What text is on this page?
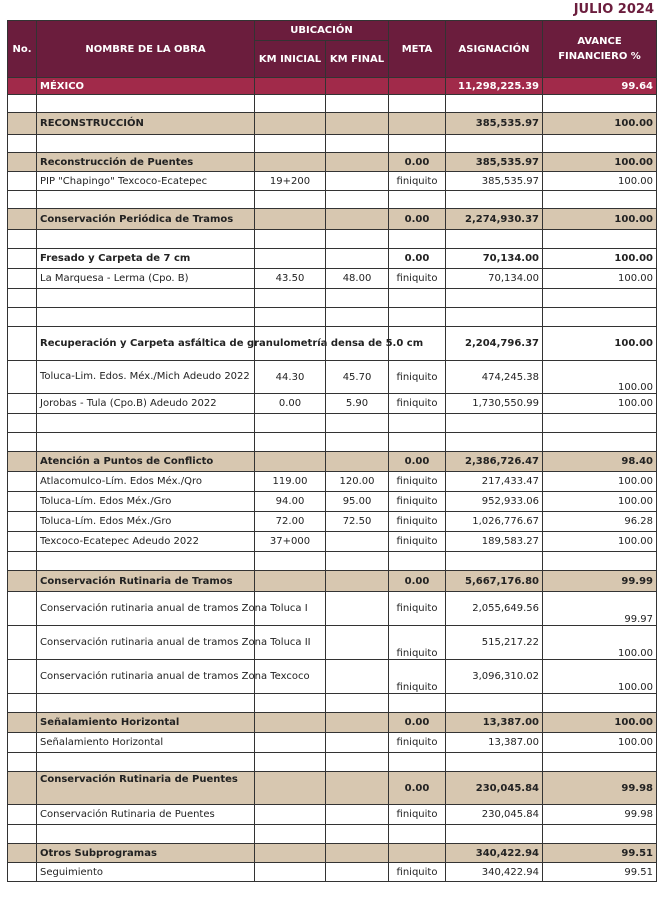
JULIO 2024
No.	NOMBRE DE LA OBRA	UBICACIÓN		META	ASIGNACIÓN	AVANCE FINANCIERO %
		KM INICIAL	KM FINAL			
	MÉXICO				11,298,225.39	99.64

	RECONSTRUCCIÓN				385,535.97	100.00

	Reconstrucción de Puentes			0.00	385,535.97	100.00
	PIP "Chapingo" Texcoco-Ecatepec	19+200		finiquito	385,535.97	100.00

	Conservación Periódica de Tramos			0.00	2,274,930.37	100.00

	Fresado y Carpeta de 7 cm			0.00	70,134.00	100.00
	La Marquesa - Lerma (Cpo. B)	43.50	48.00	finiquito	70,134.00	100.00

	Recuperación y Carpeta asfáltica de granulometría densa de 5.0 cm				2,204,796.37	100.00
	Toluca-Lim. Edos. Méx./Mich Adeudo 2022	44.30	45.70	finiquito	474,245.38	100.00
	Jorobas - Tula (Cpo.B) Adeudo 2022	0.00	5.90	finiquito	1,730,550.99	100.00

	Atención a Puntos de Conflicto			0.00	2,386,726.47	98.40
	Atlacomulco-Lím. Edos Méx./Qro	119.00	120.00	finiquito	217,433.47	100.00
	Toluca-Lím. Edos Méx./Gro	94.00	95.00	finiquito	952,933.06	100.00
	Toluca-Lím. Edos Méx./Gro	72.00	72.50	finiquito	1,026,776.67	96.28
	Texcoco-Ecatepec Adeudo 2022	37+000		finiquito	189,583.27	100.00

	Conservación Rutinaria de Tramos			0.00	5,667,176.80	99.99
	Conservación rutinaria anual de tramos Zona Toluca I			finiquito	2,055,649.56	99.97
	Conservación rutinaria anual de tramos Zona Toluca II			finiquito	515,217.22	100.00
	Conservación rutinaria anual de tramos Zona Texcoco			finiquito	3,096,310.02	100.00

	Señalamiento Horizontal			0.00	13,387.00	100.00
	Señalamiento Horizontal			finiquito	13,387.00	100.00

	Conservación Rutinaria de Puentes			0.00	230,045.84	99.98
	Conservación Rutinaria de Puentes			finiquito	230,045.84	99.98

	Otros Subprogramas				340,422.94	99.51
	Seguimiento			finiquito	340,422.94	99.51
